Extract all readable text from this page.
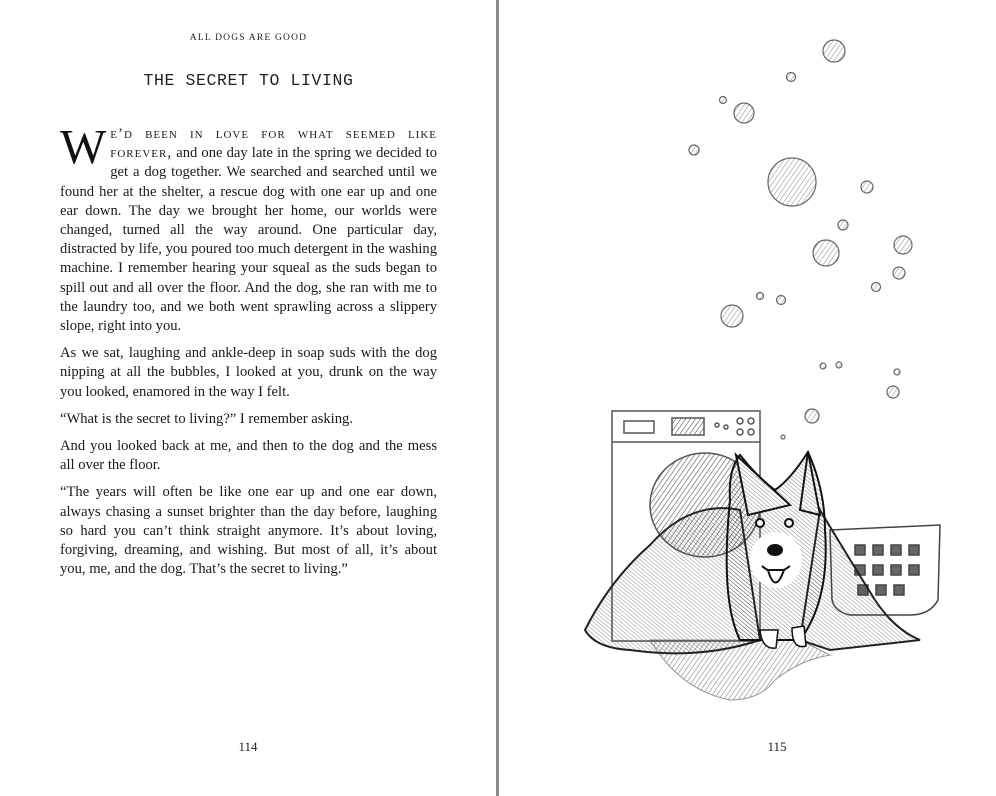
ALL DOGS ARE GOOD
THE SECRET TO LIVING

We’d been in love for what seemed like forever, and one day late in the spring we decided to get a dog together. We searched and searched until we found her at the shelter, a rescue dog with one ear up and one ear down. The day we brought her home, our worlds were changed, turned all the way around. One particular day, distracted by life, you poured too much detergent in the washing machine. I remember hearing your squeal as the suds began to spill out and all over the floor. And the dog, she ran with me to the laundry too, and we both went sprawling across a slippery slope, right into you.

As we sat, laughing and ankle-deep in soap suds with the dog nipping at all the bubbles, I looked at you, drunk on the way you looked, enamored in the way I felt.

“What is the secret to living?” I remember asking.

And you looked back at me, and then to the dog and the mess all over the floor.

“The years will often be like one ear up and one ear down, always chasing a sunset brighter than the day before, laughing so hard you can’t think straight anymore. It’s about loving, forgiving, dreaming, and wishing. But most of all, it’s about you, me, and the dog. That’s the secret to living.”

114	115
